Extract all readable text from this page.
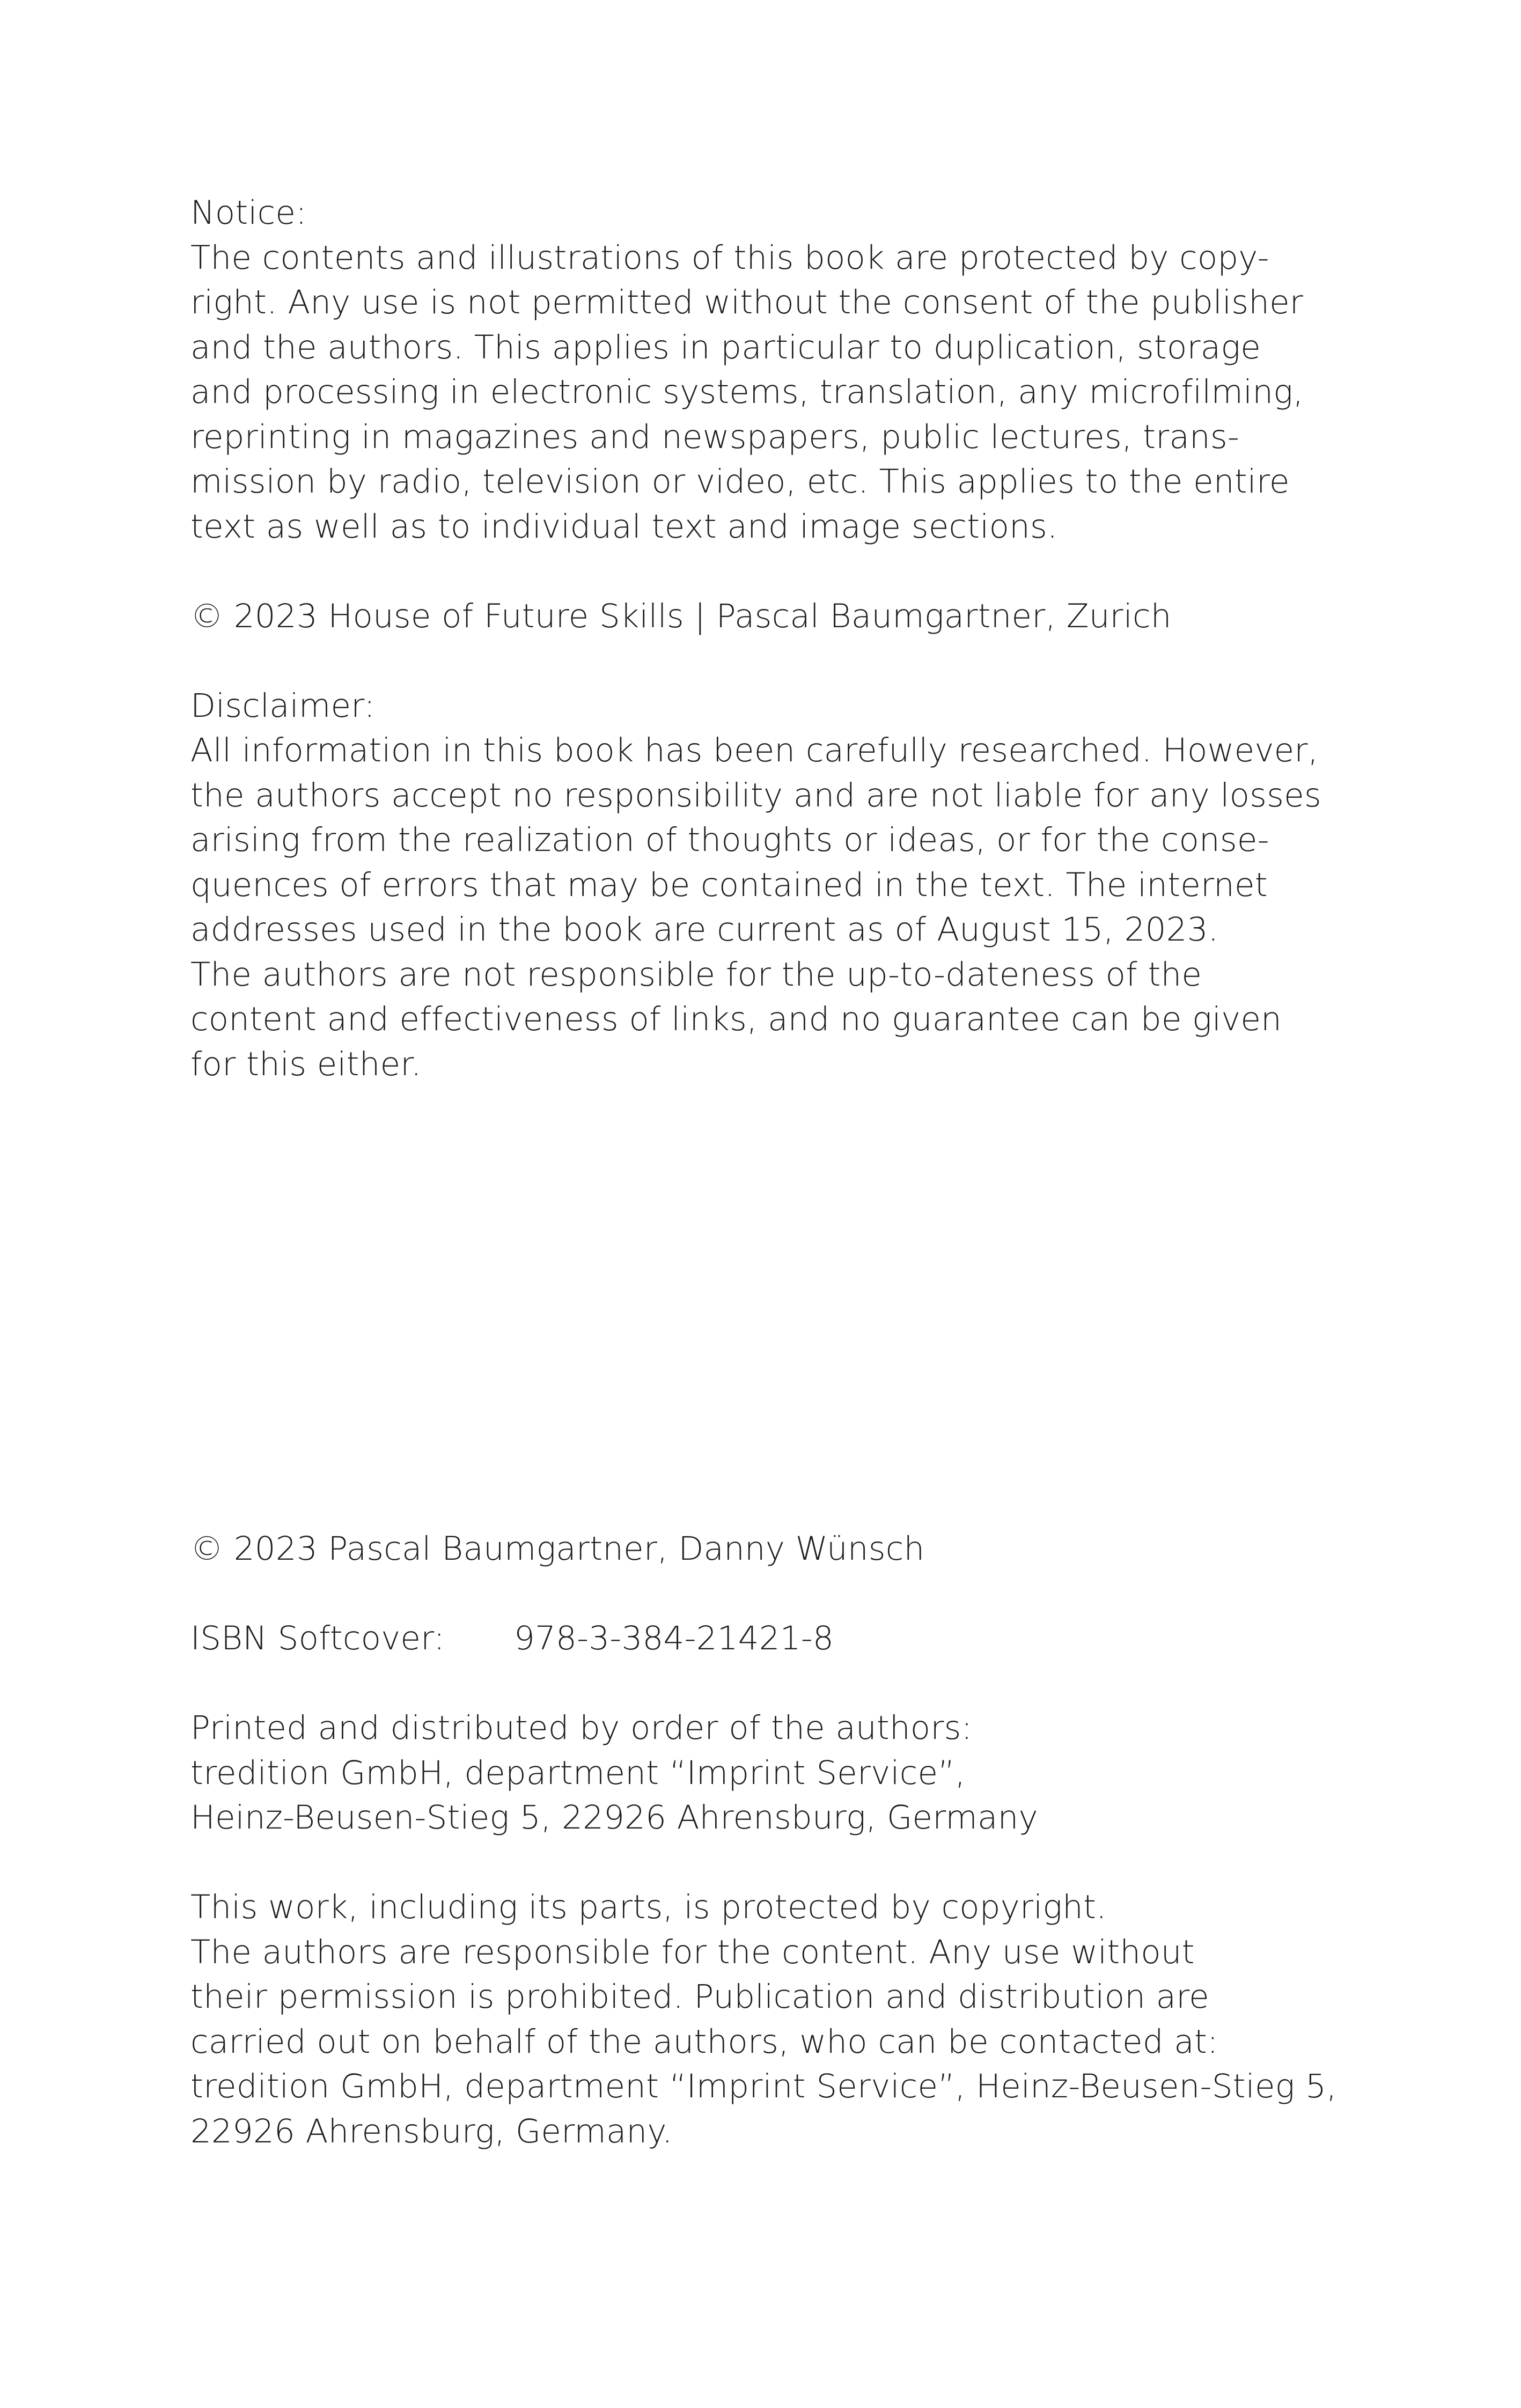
Notice:
The contents and illustrations of this book are protected by copy-
right. Any use is not permitted without the consent of the publisher
and the authors. This applies in particular to duplication, storage
and processing in electronic systems, translation, any microfilming,
reprinting in magazines and newspapers, public lectures, trans-
mission by radio, television or video, etc. This applies to the entire
text as well as to individual text and image sections.
© 2023 House of Future Skills | Pascal Baumgartner, Zurich
Disclaimer:
All information in this book has been carefully researched. However,
the authors accept no responsibility and are not liable for any losses
arising from the realization of thoughts or ideas, or for the conse-
quences of errors that may be contained in the text. The internet
addresses used in the book are current as of August 15, 2023.
The authors are not responsible for the up-to-dateness of the
content and effectiveness of links, and no guarantee can be given
for this either.
© 2023 Pascal Baumgartner, Danny Wünsch
ISBN Softcover: 978-3-384-21421-8
Printed and distributed by order of the authors:
tredition GmbH, department “Imprint Service”,
Heinz-Beusen-Stieg 5, 22926 Ahrensburg, Germany
This work, including its parts, is protected by copyright.
The authors are responsible for the content. Any use without
their permission is prohibited. Publication and distribution are
carried out on behalf of the authors, who can be contacted at:
tredition GmbH, department “Imprint Service”, Heinz-Beusen-Stieg 5,
22926 Ahrensburg, Germany.
